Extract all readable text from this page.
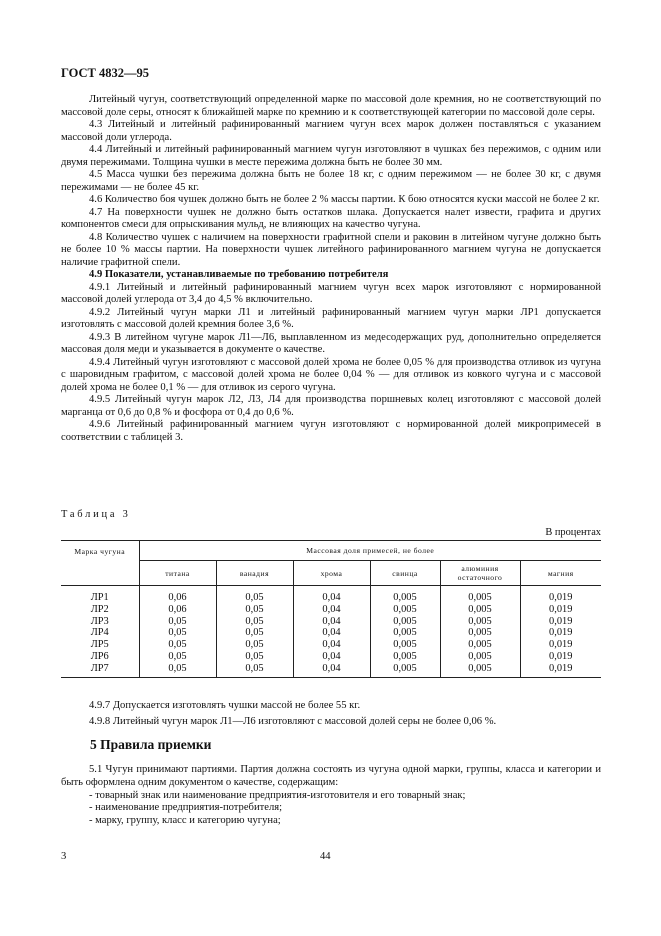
ГОСТ 4832—95

Литейный чугун, соответствующий определенной марке по массовой доле кремния, но не соответствующий по массовой доле серы, относят к ближайшей марке по кремнию и к соответствующей категории по массовой доле серы.

4.3 Литейный и литейный рафинированный магнием чугун всех марок должен поставляться с указанием массовой доли углерода.

4.4 Литейный и литейный рафинированный магнием чугун изготовляют в чушках без пережимов, с одним или двумя пережимами. Толщина чушки в месте пережима должна быть не более 30 мм.

4.5 Масса чушки без пережима должна быть не более 18 кг, с одним пережимом — не более 30 кг, с двумя пережимами — не более 45 кг.

4.6 Количество боя чушек должно быть не более 2 % массы партии. К бою относятся куски массой не более 2 кг.

4.7 На поверхности чушек не должно быть остатков шлака. Допускается налет извести, графита и других компонентов смеси для опрыскивания мульд, не влияющих на качество чугуна.

4.8 Количество чушек с наличием на поверхности графитной спели и раковин в литейном чугуне должно быть не более 10 % массы партии. На поверхности чушек литейного рафинированного магнием чугуна не допускается наличие графитной спели.

4.9 Показатели, устанавливаемые по требованию потребителя

4.9.1 Литейный и литейный рафинированный магнием чугун всех марок изготовляют с нормированной массовой долей углерода от 3,4 до 4,5 % включительно.

4.9.2 Литейный чугун марки Л1 и литейный рафинированный магнием чугун марки ЛР1 допускается изготовлять с массовой долей кремния более 3,6 %.

4.9.3 В литейном чугуне марок Л1—Л6, выплавленном из медесодержащих руд, дополнительно определяется массовая доля меди и указывается в документе о качестве.

4.9.4 Литейный чугун изготовляют с массовой долей хрома не более 0,05 % для производства отливок из чугуна с шаровидным графитом, с массовой долей хрома не более 0,04 % — для отливок из ковкого чугуна и с массовой долей хрома не более 0,1 % — для отливок из серого чугуна.

4.9.5 Литейный чугун марок Л2, Л3, Л4 для производства поршневых колец изготовляют с массовой долей марганца от 0,6 до 0,8 % и фосфора от 0,4 до 0,6 %.

4.9.6 Литейный рафинированный магнием чугун изготовляют с нормированной долей микропримесей в соответствии с таблицей 3.

Таблица 3
В процентах
Марка чугуна	Массовая доля примесей, не более					
	титана	ванадия	хрома	свинца	алюминия остаточного	магния

ЛР1	0,06	0,05	0,04	0,005	0,005	0,019
ЛР2	0,06	0,05	0,04	0,005	0,005	0,019
ЛР3	0,05	0,05	0,04	0,005	0,005	0,019
ЛР4	0,05	0,05	0,04	0,005	0,005	0,019
ЛР5	0,05	0,05	0,04	0,005	0,005	0,019
ЛР6	0,05	0,05	0,04	0,005	0,005	0,019
ЛР7	0,05	0,05	0,04	0,005	0,005	0,019

4.9.7 Допускается изготовлять чушки массой не более 55 кг.

4.9.8 Литейный чугун марок Л1—Л6 изготовляют с массовой долей серы не более 0,06 %.

5 Правила приемки

5.1 Чугун принимают партиями. Партия должна состоять из чугуна одной марки, группы, класса и категории и быть оформлена одним документом о качестве, содержащим:

- товарный знак или наименование предприятия-изготовителя и его товарный знак;

- наименование предприятия-потребителя;

- марку, группу, класс и категорию чугуна;

3	44
